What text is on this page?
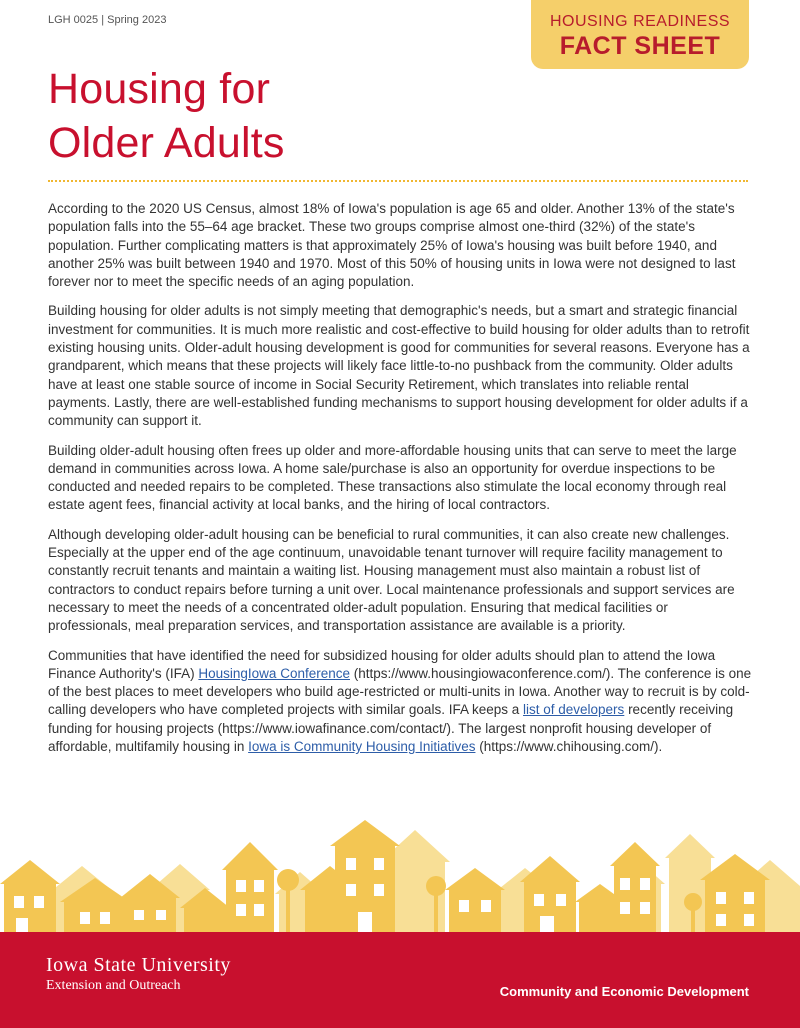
LGH 0025 | Spring 2023	HOUSING READINESS
FACT SHEET
Housing for
Older Adults

According to the 2020 US Census, almost 18% of Iowa's population is age 65 and older. Another 13% of the state's population falls into the 55–64 age bracket. These two groups comprise almost one-third (32%) of the state's population. Further complicating matters is that approximately 25% of Iowa's housing was built before 1940, and another 25% was built between 1940 and 1970. Most of this 50% of housing units in Iowa were not designed to last forever nor to meet the specific needs of an aging population.

Building housing for older adults is not simply meeting that demographic's needs, but a smart and strategic financial investment for communities. It is much more realistic and cost-effective to build housing for older adults than to retrofit existing housing units. Older-adult housing development is good for communities for several reasons. Everyone has a grandparent, which means that these projects will likely face little-to-no pushback from the community. Older adults have at least one stable source of income in Social Security Retirement, which translates into reliable rental payments. Lastly, there are well-established funding mechanisms to support housing development for older adults if a community can support it.

Building older-adult housing often frees up older and more-affordable housing units that can serve to meet the large demand in communities across Iowa. A home sale/purchase is also an opportunity for overdue inspections to be conducted and needed repairs to be completed. These transactions also stimulate the local economy through real estate agent fees, financial activity at local banks, and the hiring of local contractors.

Although developing older-adult housing can be beneficial to rural communities, it can also create new challenges. Especially at the upper end of the age continuum, unavoidable tenant turnover will require facility management to constantly recruit tenants and maintain a waiting list. Housing management must also maintain a robust list of contractors to conduct repairs before turning a unit over. Local maintenance professionals and support services are necessary to meet the needs of a concentrated older-adult population. Ensuring that medical facilities or professionals, meal preparation services, and transportation assistance are available is a priority.

Communities that have identified the need for subsidized housing for older adults should plan to attend the Iowa Finance Authority's (IFA) HousingIowa Conference (https://www.housingiowaconference.com/). The conference is one of the best places to meet developers who build age-restricted or multi-units in Iowa. Another way to recruit is by cold-calling developers who have completed projects with similar goals. IFA keeps a list of developers recently receiving funding for housing projects (https://www.iowafinance.com/contact/). The largest nonprofit housing developer of affordable, multifamily housing in Iowa is Community Housing Initiatives (https://www.chihousing.com/).

Iowa State University
Extension and Outreach	Community and Economic Development
